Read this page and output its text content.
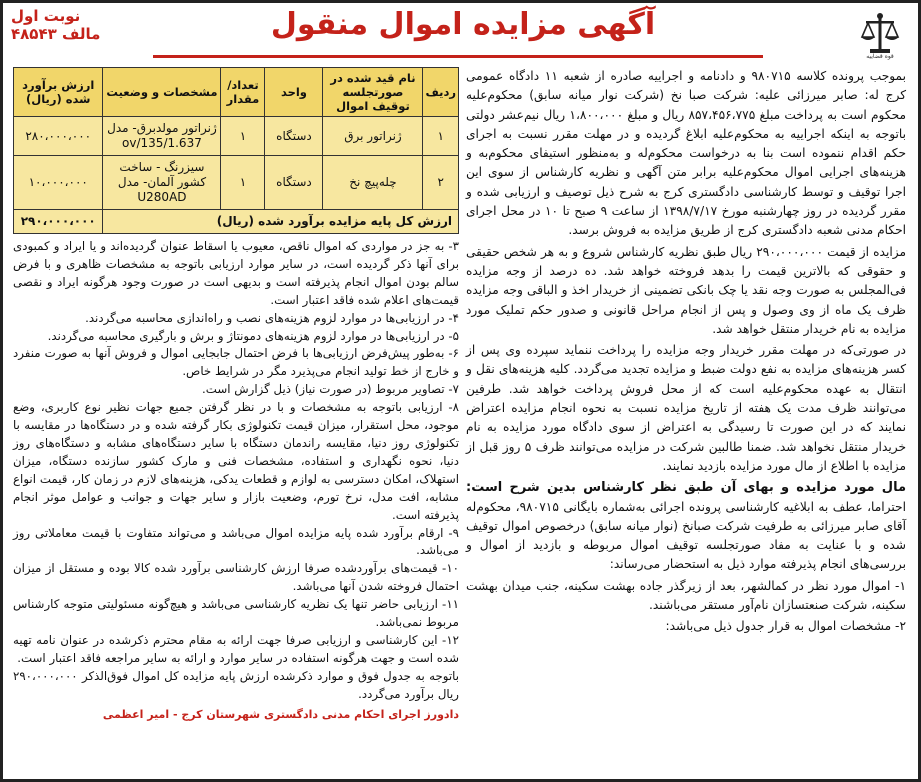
نوبت اول
مالف ۴۸۵۴۳	آگهی مزایده اموال منقول
قوه قضاییه

بموجب پرونده کلاسه ۹۸۰۷۱۵ و دادنامه و اجراییه صادره از شعبه ۱۱ دادگاه عمومی کرج له: صابر میرزائی علیه: شرکت صبا نخ (شرکت نوار میانه سابق) محکوم‌علیه محکوم است به پرداخت مبلغ ۸۵۷،۴۵۶،۷۷۵ ریال و مبلغ ۱،۸۰۰،۰۰۰ ریال نیم‌عشر دولتی باتوجه به اینکه اجراییه به محکوم‌علیه ابلاغ گردیده و در مهلت مقرر نسبت به اجرای حکم اقدام ننموده است بنا به درخواست محکوم‌له و به‌منظور استیفای محکوم‌به و هزینه‌های اجرایی اموال محکوم‌علیه برابر متن آگهی و نظریه کارشناس از سوی این اجرا توقیف و توسط کارشناسی دادگستری کرج به شرح ذیل توصیف و ارزیابی شده و مقرر گردیده در روز چهارشنبه مورخ ۱۳۹۸/۷/۱۷ از ساعت ۹ صبح تا ۱۰ در محل اجرای احکام مدنی شعبه دادگستری کرج از طریق مزایده به فروش برسد.

مزایده از قیمت ۲۹۰،۰۰۰،۰۰۰ ریال طبق نظریه کارشناس شروع و به هر شخص حقیقی و حقوقی که بالاترین قیمت را بدهد فروخته خواهد شد. ده درصد از وجه مزایده فی‌المجلس به صورت وجه نقد یا چک بانکی تضمینی از خریدار اخذ و الباقی وجه مزایده ظرف یک ماه از وی وصول و پس از انجام مراحل قانونی و صدور حکم تملیک مورد مزایده به نام خریدار منتقل خواهد شد.

در صورتی‌که در مهلت مقرر خریدار وجه مزایده را پرداخت ننماید سپرده وی پس از کسر هزینه‌های مزایده به نفع دولت ضبط و مزایده تجدید می‌گردد. کلیه هزینه‌های نقل و انتقال به عهده محکوم‌علیه است که از محل فروش پرداخت خواهد شد. طرفین می‌توانند ظرف مدت یک هفته از تاریخ مزایده نسبت به نحوه انجام مزایده اعتراض نمایند که در این صورت تا رسیدگی به اعتراض از سوی دادگاه مورد مزایده به نام خریدار منتقل نخواهد شد. ضمنا طالبین شرکت در مزایده می‌توانند ظرف ۵ روز قبل از مزایده با اطلاع از مال مورد مزایده بازدید نمایند.

مال مورد مزایده و بهای آن طبق نظر کارشناس بدین شرح است: احتراما، عطف به ابلاغیه کارشناسی پرونده اجرائی به‌شماره بایگانی ۹۸۰۷۱۵، محکوم‌له آقای صابر میرزائی به طرفیت شرکت صبانخ (نوار میانه سابق) درخصوص اموال توقیف شده و با عنایت به مفاد صورتجلسه توقیف اموال مربوطه و بازدید از اموال و بررسی‌های انجام پذیرفته موارد ذیل به استحضار می‌رساند:

۱- اموال مورد نظر در کمالشهر، بعد از زیرگذر جاده بهشت سکینه، جنب میدان بهشت سکینه، شرکت صنعتسازان نام‌آور مستقر می‌باشند.

۲- مشخصات اموال به قرار جدول ذیل می‌باشد:

ردیف	نام قید شده در صورتجلسه توقیف اموال	واحد	تعداد/ مقدار	مشخصات و وضعیت	ارزش برآورد شده (ریال)
۱	ژنراتور برق	دستگاه	۱	ژنراتور مولدبرق- مدل ov/135/1.637	۲۸۰،۰۰۰،۰۰۰
۲	چله‌پیچ نخ	دستگاه	۱	سیزرنگ - ساخت کشور آلمان- مدل U280AD	۱۰،۰۰۰،۰۰۰
ارزش کل پایه مزایده برآورد شده (ریال)					۲۹۰،۰۰۰،۰۰۰

۳- به جز در مواردی که اموال ناقص، معیوب یا اسقاط عنوان گردیده‌اند و یا ایراد و کمبودی برای آنها ذکر گردیده است، در سایر موارد ارزیابی باتوجه به مشخصات ظاهری و با فرض سالم بودن اموال انجام پذیرفته است و بدیهی است در صورت وجود هرگونه ایراد و نقصی قیمت‌های اعلام شده فاقد اعتبار است.

۴- در ارزیابی‌ها در موارد لزوم هزینه‌های نصب و راه‌اندازی محاسبه می‌گردند.

۵- در ارزیابی‌ها در موارد لزوم هزینه‌های دمونتاژ و برش و بارگیری محاسبه می‌گردند.

۶- به‌طور پیش‌فرض ارزیابی‌ها با فرض احتمال جابجایی اموال و فروش آنها به صورت منفرد و خارج از خط تولید انجام می‌پذیرد مگر در شرایط خاص.

۷- تصاویر مربوط (در صورت نیاز) ذیل گزارش است.

۸- ارزیابی باتوجه به مشخصات و با در نظر گرفتن جمیع جهات نظیر نوع کاربری، وضع موجود، محل استقرار، میزان قیمت تکنولوژی بکار گرفته شده و در دستگاه‌ها در مقایسه با تکنولوژی روز دنیا، مقایسه راندمان دستگاه با سایر دستگاه‌های مشابه و دستگاه‌های روز دنیا، نحوه نگهداری و استفاده، مشخصات فنی و مارک کشور سازنده دستگاه، میزان استهلاک، امکان دسترسی به لوازم و قطعات یدکی، هزینه‌های لازم در زمان کار، قیمت انواع مشابه، افت مدل، نرخ تورم، وضعیت بازار و سایر جهات و جوانب و عوامل موثر انجام پذیرفته است.

۹- ارقام برآورد شده پایه مزایده اموال می‌باشد و می‌تواند متفاوت با قیمت معاملاتی روز می‌باشد.

۱۰- قیمت‌های برآوردشده صرفا ارزش کارشناسی برآورد شده کالا بوده و مستقل از میزان احتمال فروخته شدن آنها می‌باشد.

۱۱- ارزیابی حاضر تنها یک نظریه کارشناسی می‌باشد و هیچ‌گونه مسئولیتی متوجه کارشناس مربوط نمی‌باشد.

۱۲- این کارشناسی و ارزیابی صرفا جهت ارائه به مقام محترم ذکرشده در عنوان نامه تهیه شده است و جهت هرگونه استفاده در سایر موارد و ارائه به سایر مراجعه فاقد اعتبار است.

باتوجه به جدول فوق و موارد ذکرشده ارزش پایه مزایده کل اموال فوق‌الذکر ۲۹۰،۰۰۰،۰۰۰ ریال برآورد می‌گردد.

دادورز اجرای احکام مدنی دادگستری شهرستان کرج - امیر اعظمی
